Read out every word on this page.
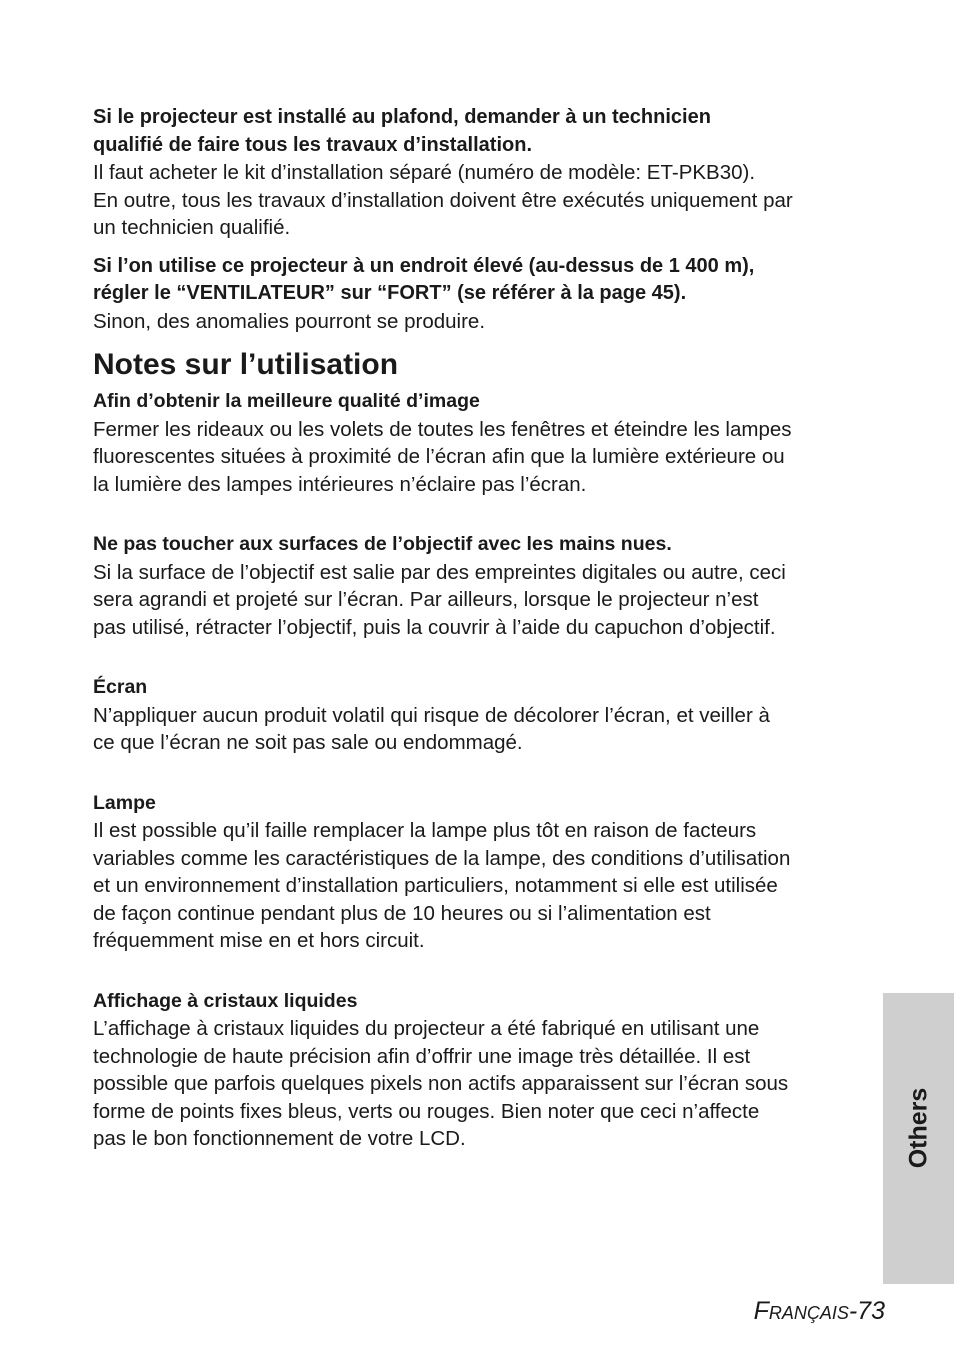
Si le projecteur est installé au plafond, demander à un technicien

qualifié de faire tous les travaux d’installation.

Il faut acheter le kit d’installation séparé (numéro de modèle: ET-PKB30).

En outre, tous les travaux d’installation doivent être exécutés uniquement par

un technicien qualifié.

Si l’on utilise ce projecteur à un endroit élevé (au-dessus de 1 400 m),

régler le “VENTILATEUR” sur “FORT” (se référer à la page 45).

Sinon, des anomalies pourront se produire.

Notes sur l’utilisation

Afin d’obtenir la meilleure qualité d’image

Fermer les rideaux ou les volets de toutes les fenêtres et éteindre les lampes

fluorescentes situées à proximité de l’écran afin que la lumière extérieure ou

la lumière des lampes intérieures n’éclaire pas l’écran.

Ne pas toucher aux surfaces de l’objectif avec les mains nues.

Si la surface de l’objectif est salie par des empreintes digitales ou autre, ceci

sera agrandi et projeté sur l’écran. Par ailleurs, lorsque le projecteur n’est

pas utilisé, rétracter l’objectif, puis la couvrir à l’aide du capuchon d’objectif.

Écran

N’appliquer aucun produit volatil qui risque de décolorer l’écran, et veiller à

ce que l’écran ne soit pas sale ou endommagé.

Lampe

Il est possible qu’il faille remplacer la lampe plus tôt en raison de facteurs

variables comme les caractéristiques de la lampe, des conditions d’utilisation

et un environnement d’installation particuliers, notamment si elle est utilisée

de façon continue pendant plus de 10 heures ou si l’alimentation est

fréquemment mise en et hors circuit.

Affichage à cristaux liquides

L’affichage à cristaux liquides du projecteur a été fabriqué en utilisant une

technologie de haute précision afin d’offrir une image très détaillée. Il est

possible que parfois quelques pixels non actifs apparaissent sur l’écran sous

forme de points fixes bleus, verts ou rouges. Bien noter que ceci n’affecte

pas le bon fonctionnement de votre LCD.	Others
FRANÇAIS-73
